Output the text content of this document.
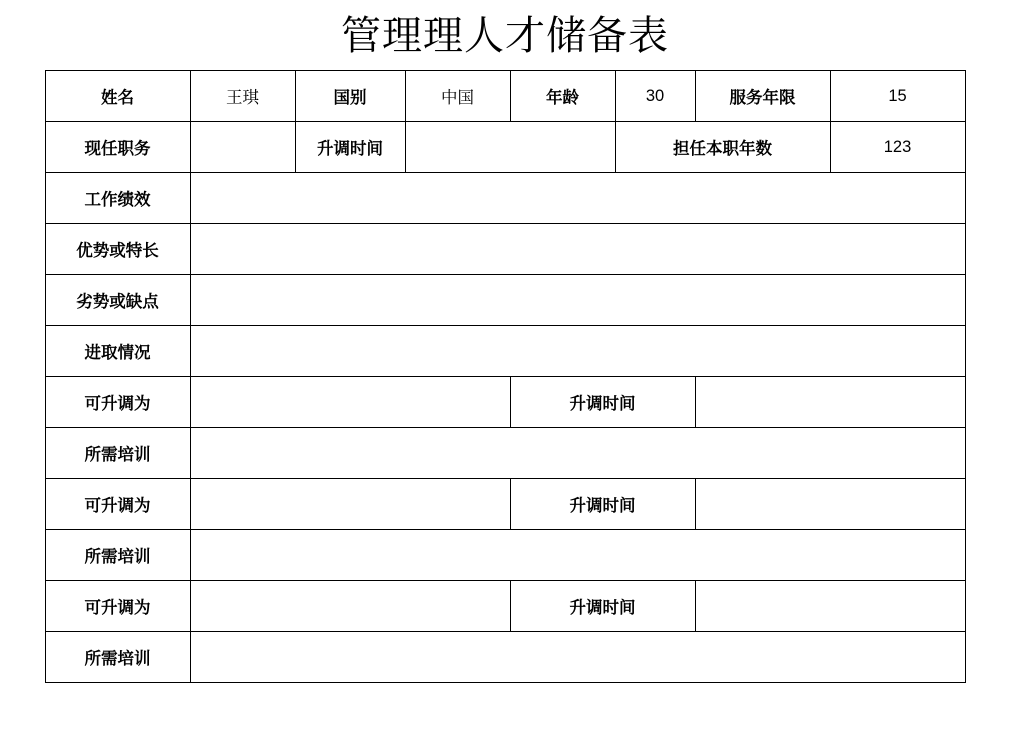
管理理人才储备表
姓名	王琪	国别	中国	年龄	30	服务年限	15
现任职务		升调时间			担任本职年数		123
工作绩效							
优势或特长							
劣势或缺点							
进取情况							
可升调为				升调时间			
所需培训							
可升调为				升调时间			
所需培训							
可升调为				升调时间			
所需培训							
